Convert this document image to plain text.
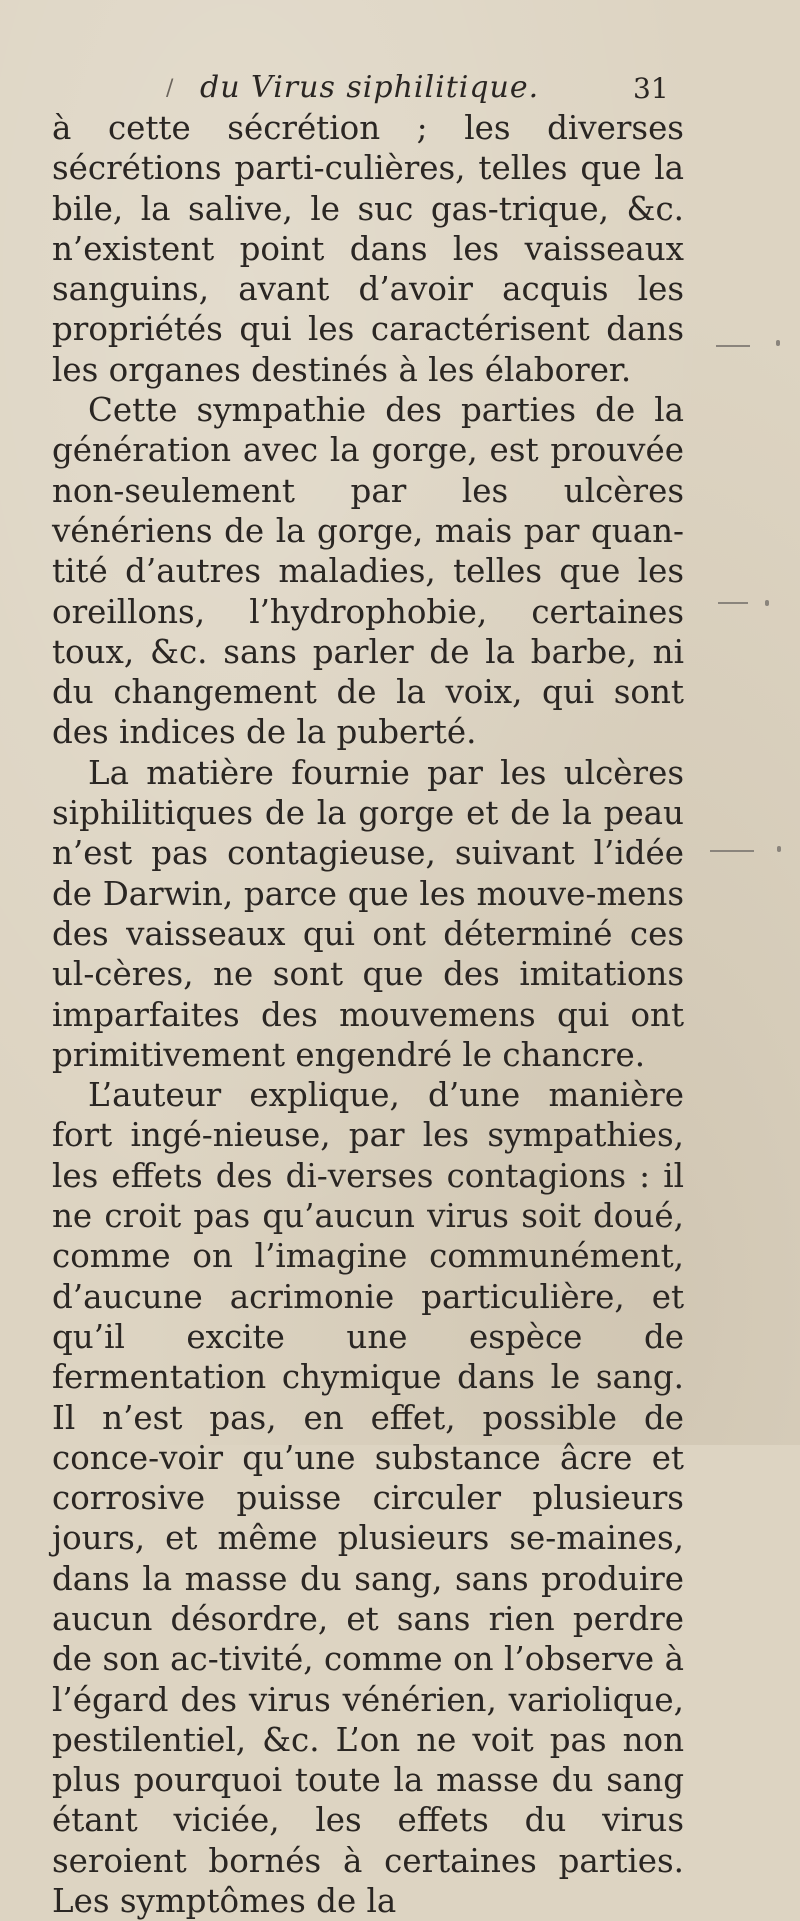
/ du Virus siphilitique.	31

à cette sécrétion ; les diverses sécrétions parti-culières, telles que la bile, la salive, le suc gas-trique, &c. n’existent point dans les vaisseaux sanguins, avant d’avoir acquis les propriétés qui les caractérisent dans les organes destinés à les élaborer.

Cette sympathie des parties de la génération avec la gorge, est prouvée non-seulement par les ulcères vénériens de la gorge, mais par quan-tité d’autres maladies, telles que les oreillons, l’hydrophobie, certaines toux, &c. sans parler de la barbe, ni du changement de la voix, qui sont des indices de la puberté.

La matière fournie par les ulcères siphilitiques de la gorge et de la peau n’est pas contagieuse, suivant l’idée de Darwin, parce que les mouve-mens des vaisseaux qui ont déterminé ces ul-cères, ne sont que des imitations imparfaites des mouvemens qui ont primitivement engendré le chancre.

L’auteur explique, d’une manière fort ingé-nieuse, par les sympathies, les effets des di-verses contagions : il ne croit pas qu’aucun virus soit doué, comme on l’imagine communément, d’aucune acrimonie particulière, et qu’il excite une espèce de fermentation chymique dans le sang. Il n’est pas, en effet, possible de conce-voir qu’une substance âcre et corrosive puisse circuler plusieurs jours, et même plusieurs se-maines, dans la masse du sang, sans produire aucun désordre, et sans rien perdre de son ac-tivité, comme on l’observe à l’égard des virus vénérien, variolique, pestilentiel, &c. L’on ne voit pas non plus pourquoi toute la masse du sang étant viciée, les effets du virus seroient bornés à certaines parties. Les symptômes de la
